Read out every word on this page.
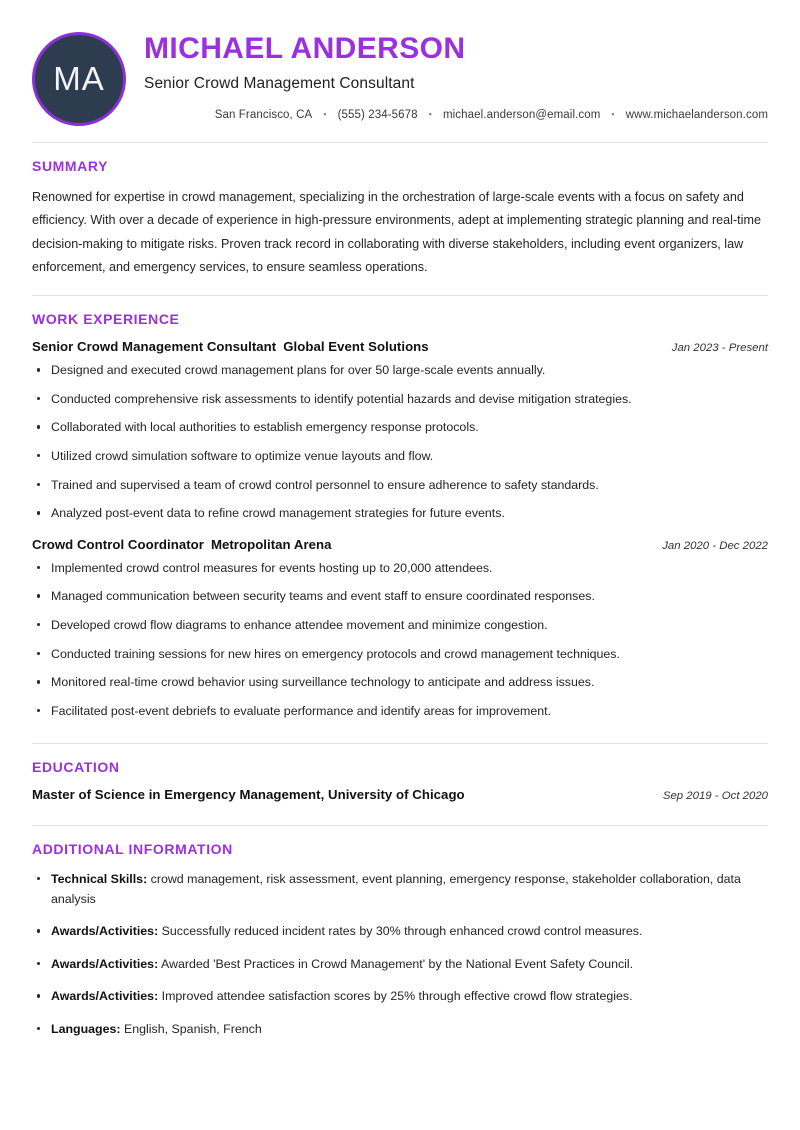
MA
MICHAEL ANDERSON
Senior Crowd Management Consultant
San Francisco, CA	▪ (555) 234-5678	▪ michael.anderson@email.com	▪ www.michaelanderson.com
SUMMARY
Renowned for expertise in crowd management, specializing in the orchestration of large-scale events with a focus on safety and efficiency. With over a decade of experience in high-pressure environments, adept at implementing strategic planning and real-time decision-making to mitigate risks. Proven track record in collaborating with diverse stakeholders, including event organizers, law enforcement, and emergency services, to ensure seamless operations.
WORK EXPERIENCE
Senior Crowd Management Consultant Global Event Solutions	Jan 2023 - Present
Designed and executed crowd management plans for over 50 large-scale events annually.
Conducted comprehensive risk assessments to identify potential hazards and devise mitigation strategies.
Collaborated with local authorities to establish emergency response protocols.
Utilized crowd simulation software to optimize venue layouts and flow.
Trained and supervised a team of crowd control personnel to ensure adherence to safety standards.
Analyzed post-event data to refine crowd management strategies for future events.
Crowd Control Coordinator Metropolitan Arena	Jan 2020 - Dec 2022
Implemented crowd control measures for events hosting up to 20,000 attendees.
Managed communication between security teams and event staff to ensure coordinated responses.
Developed crowd flow diagrams to enhance attendee movement and minimize congestion.
Conducted training sessions for new hires on emergency protocols and crowd management techniques.
Monitored real-time crowd behavior using surveillance technology to anticipate and address issues.
Facilitated post-event debriefs to evaluate performance and identify areas for improvement.
EDUCATION
Master of Science in Emergency Management, University of Chicago	Sep 2019 - Oct 2020
ADDITIONAL INFORMATION
Technical Skills: crowd management, risk assessment, event planning, emergency response, stakeholder collaboration, data analysis
Awards/Activities: Successfully reduced incident rates by 30% through enhanced crowd control measures.
Awards/Activities: Awarded 'Best Practices in Crowd Management' by the National Event Safety Council.
Awards/Activities: Improved attendee satisfaction scores by 25% through effective crowd flow strategies.
Languages: English, Spanish, French
